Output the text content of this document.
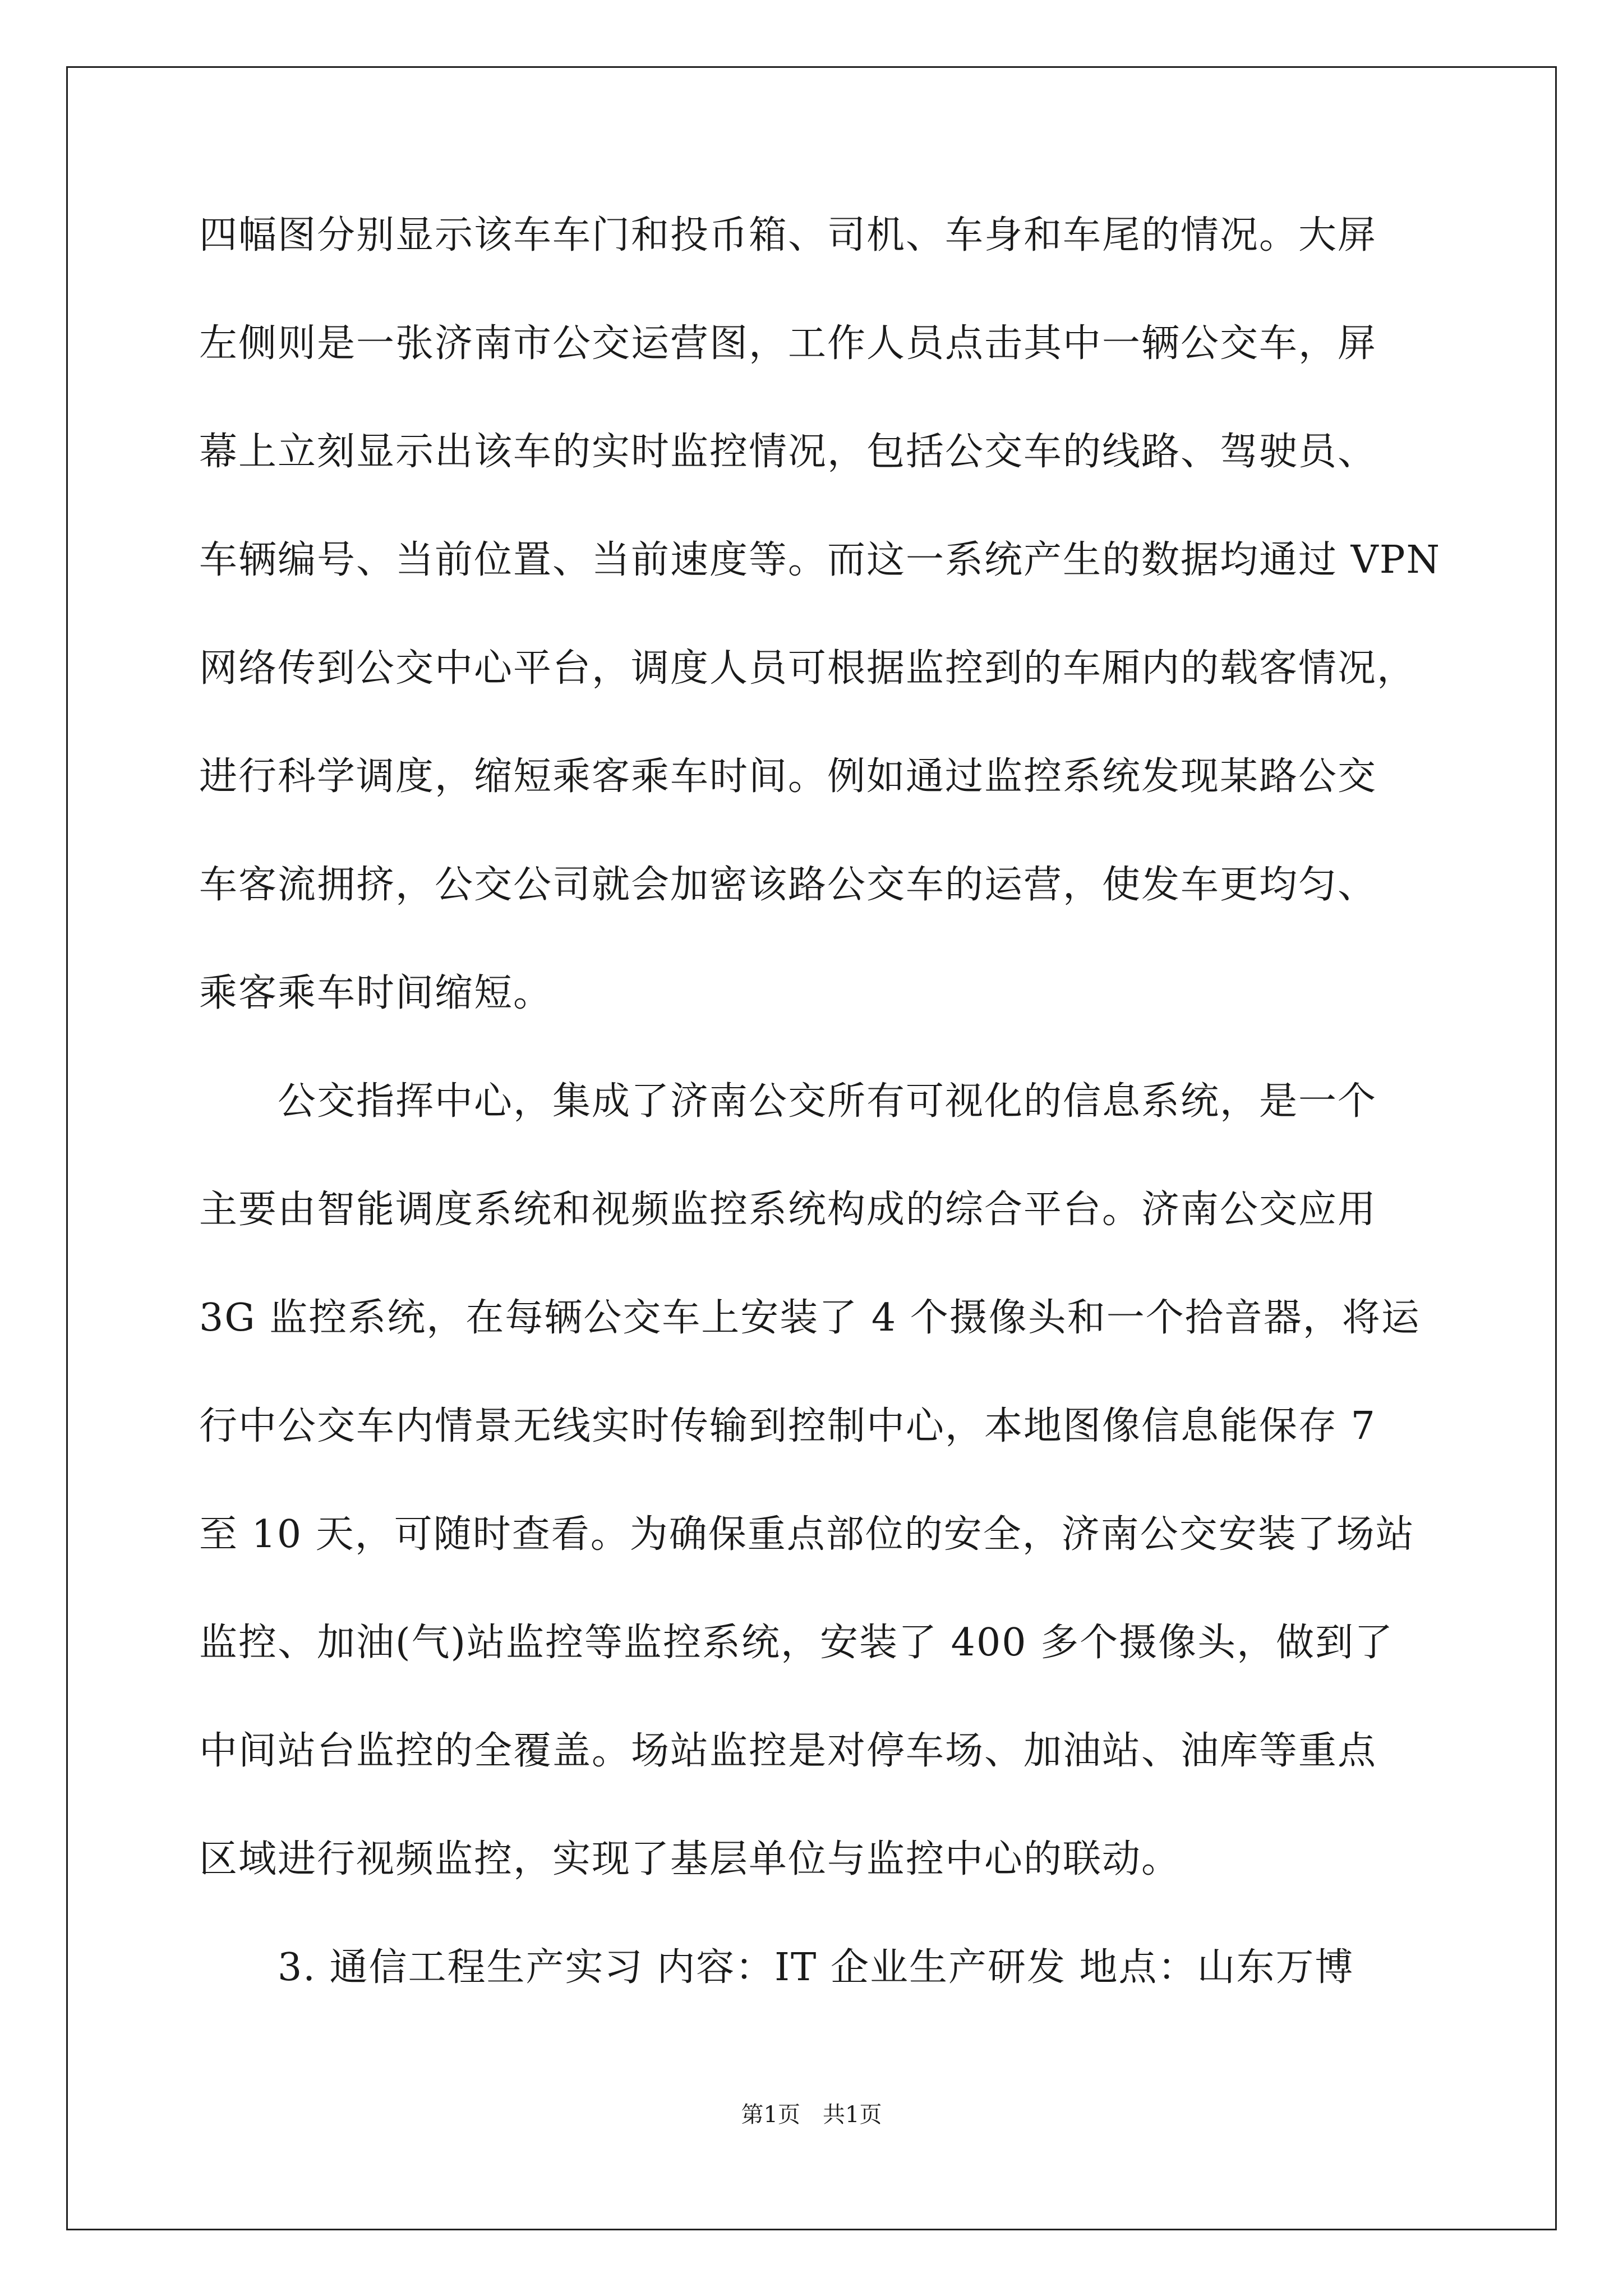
四幅图分别显示该车车门和投币箱、司机、车身和车尾的情况。大屏
左侧则是一张济南市公交运营图，工作人员点击其中一辆公交车，屏
幕上立刻显示出该车的实时监控情况，包括公交车的线路、驾驶员、
车辆编号、当前位置、当前速度等。而这一系统产生的数据均通过 VPN
网络传到公交中心平台，调度人员可根据监控到的车厢内的载客情况，
进行科学调度，缩短乘客乘车时间。例如通过监控系统发现某路公交
车客流拥挤，公交公司就会加密该路公交车的运营，使发车更均匀、
乘客乘车时间缩短。
　　公交指挥中心，集成了济南公交所有可视化的信息系统，是一个
主要由智能调度系统和视频监控系统构成的综合平台。济南公交应用
3G 监控系统，在每辆公交车上安装了 4 个摄像头和一个拾音器，将运
行中公交车内情景无线实时传输到控制中心，本地图像信息能保存 7
至 10 天，可随时查看。为确保重点部位的安全，济南公交安装了场站
监控、加油(气)站监控等监控系统，安装了 400 多个摄像头，做到了
中间站台监控的全覆盖。场站监控是对停车场、加油站、油库等重点
区域进行视频监控，实现了基层单位与监控中心的联动。
　　3. 通信工程生产实习 内容：IT 企业生产研发 地点：山东万博
第1页　共1页
